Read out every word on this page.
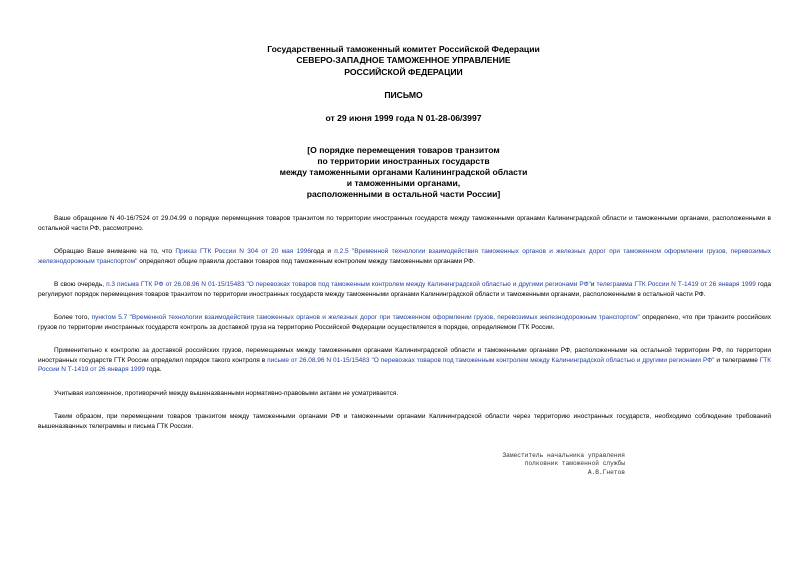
Государственный таможенный комитет Российской Федерации
СЕВЕРО-ЗАПАДНОЕ ТАМОЖЕННОЕ УПРАВЛЕНИЕ
РОССИЙСКОЙ ФЕДЕРАЦИИ
ПИСЬМО
от 29 июня 1999 года N 01-28-06/3997
[О порядке перемещения товаров транзитом
по территории иностранных государств
между таможенными органами Калининградской области
и таможенными органами,
расположенными в остальной части России]

Ваше обращение N 40-16/7524 от 29.04.99 о порядке перемещения товаров транзитом по территории иностранных государств между таможенными органами Калининградской области и таможенными органами, расположенными в остальной части РФ, рассмотрено.

Обращаю Ваше внимание на то, что Приказ ГТК России N 304 от 20 мая 1996года и п.2.5 "Временной технологии взаимодействия таможенных органов и железных дорог при таможенном оформлении грузов, перевозимых железнодорожным транспортом" определяют общие правила доставки товаров под таможенным контролем между таможенными органами РФ.

В свою очередь, п.3 письма ГТК РФ от 26.08.96 N 01-15/15483 "О перевозках товаров под таможенным контролем между Калининградской областью и другими регионами РФ"и телеграмма ГТК России N Т-1419 от 26 января 1999 года регулируют порядок перемещения товаров транзитом по территории иностранных государств между таможенными органами Калининградской области и таможенными органами, расположенными в остальной части РФ.

Более того, пунктом 5.7 "Временной технологии взаимодействия таможенных органов и железных дорог при таможенном оформлении грузов, перевозимых железнодорожным транспортом" определено, что при транзите российских грузов по территории иностранных государств контроль за доставкой груза на территорию Российской Федерации осуществляется в порядке, определяемом ГТК России.

Применительно к контролю за доставкой российских грузов, перемещаемых между таможенными органами Калининградской области и таможенными органами РФ, расположенными на остальной территории РФ, по территории иностранных государств ГТК России определил порядок такого контроля в письме от 26.08.96 N 01-15/15483 "О перевозках товаров под таможенным контролем между Калининградской областью и другими регионами РФ" и телеграмме ГТК России N Т-1419 от 26 января 1999 года.

Учитывая изложенное, противоречий между вышеназванными нормативно-правовыми актами не усматривается.

Таким образом, при перемещении товаров транзитом между таможенными органами РФ и таможенными органами Калининградской области через территорию иностранных государств, необходимо соблюдение требований вышеназванных телеграммы и письма ГТК России.

Заместитель начальника управления
полковник таможенной службы
А.В.Гнетов
